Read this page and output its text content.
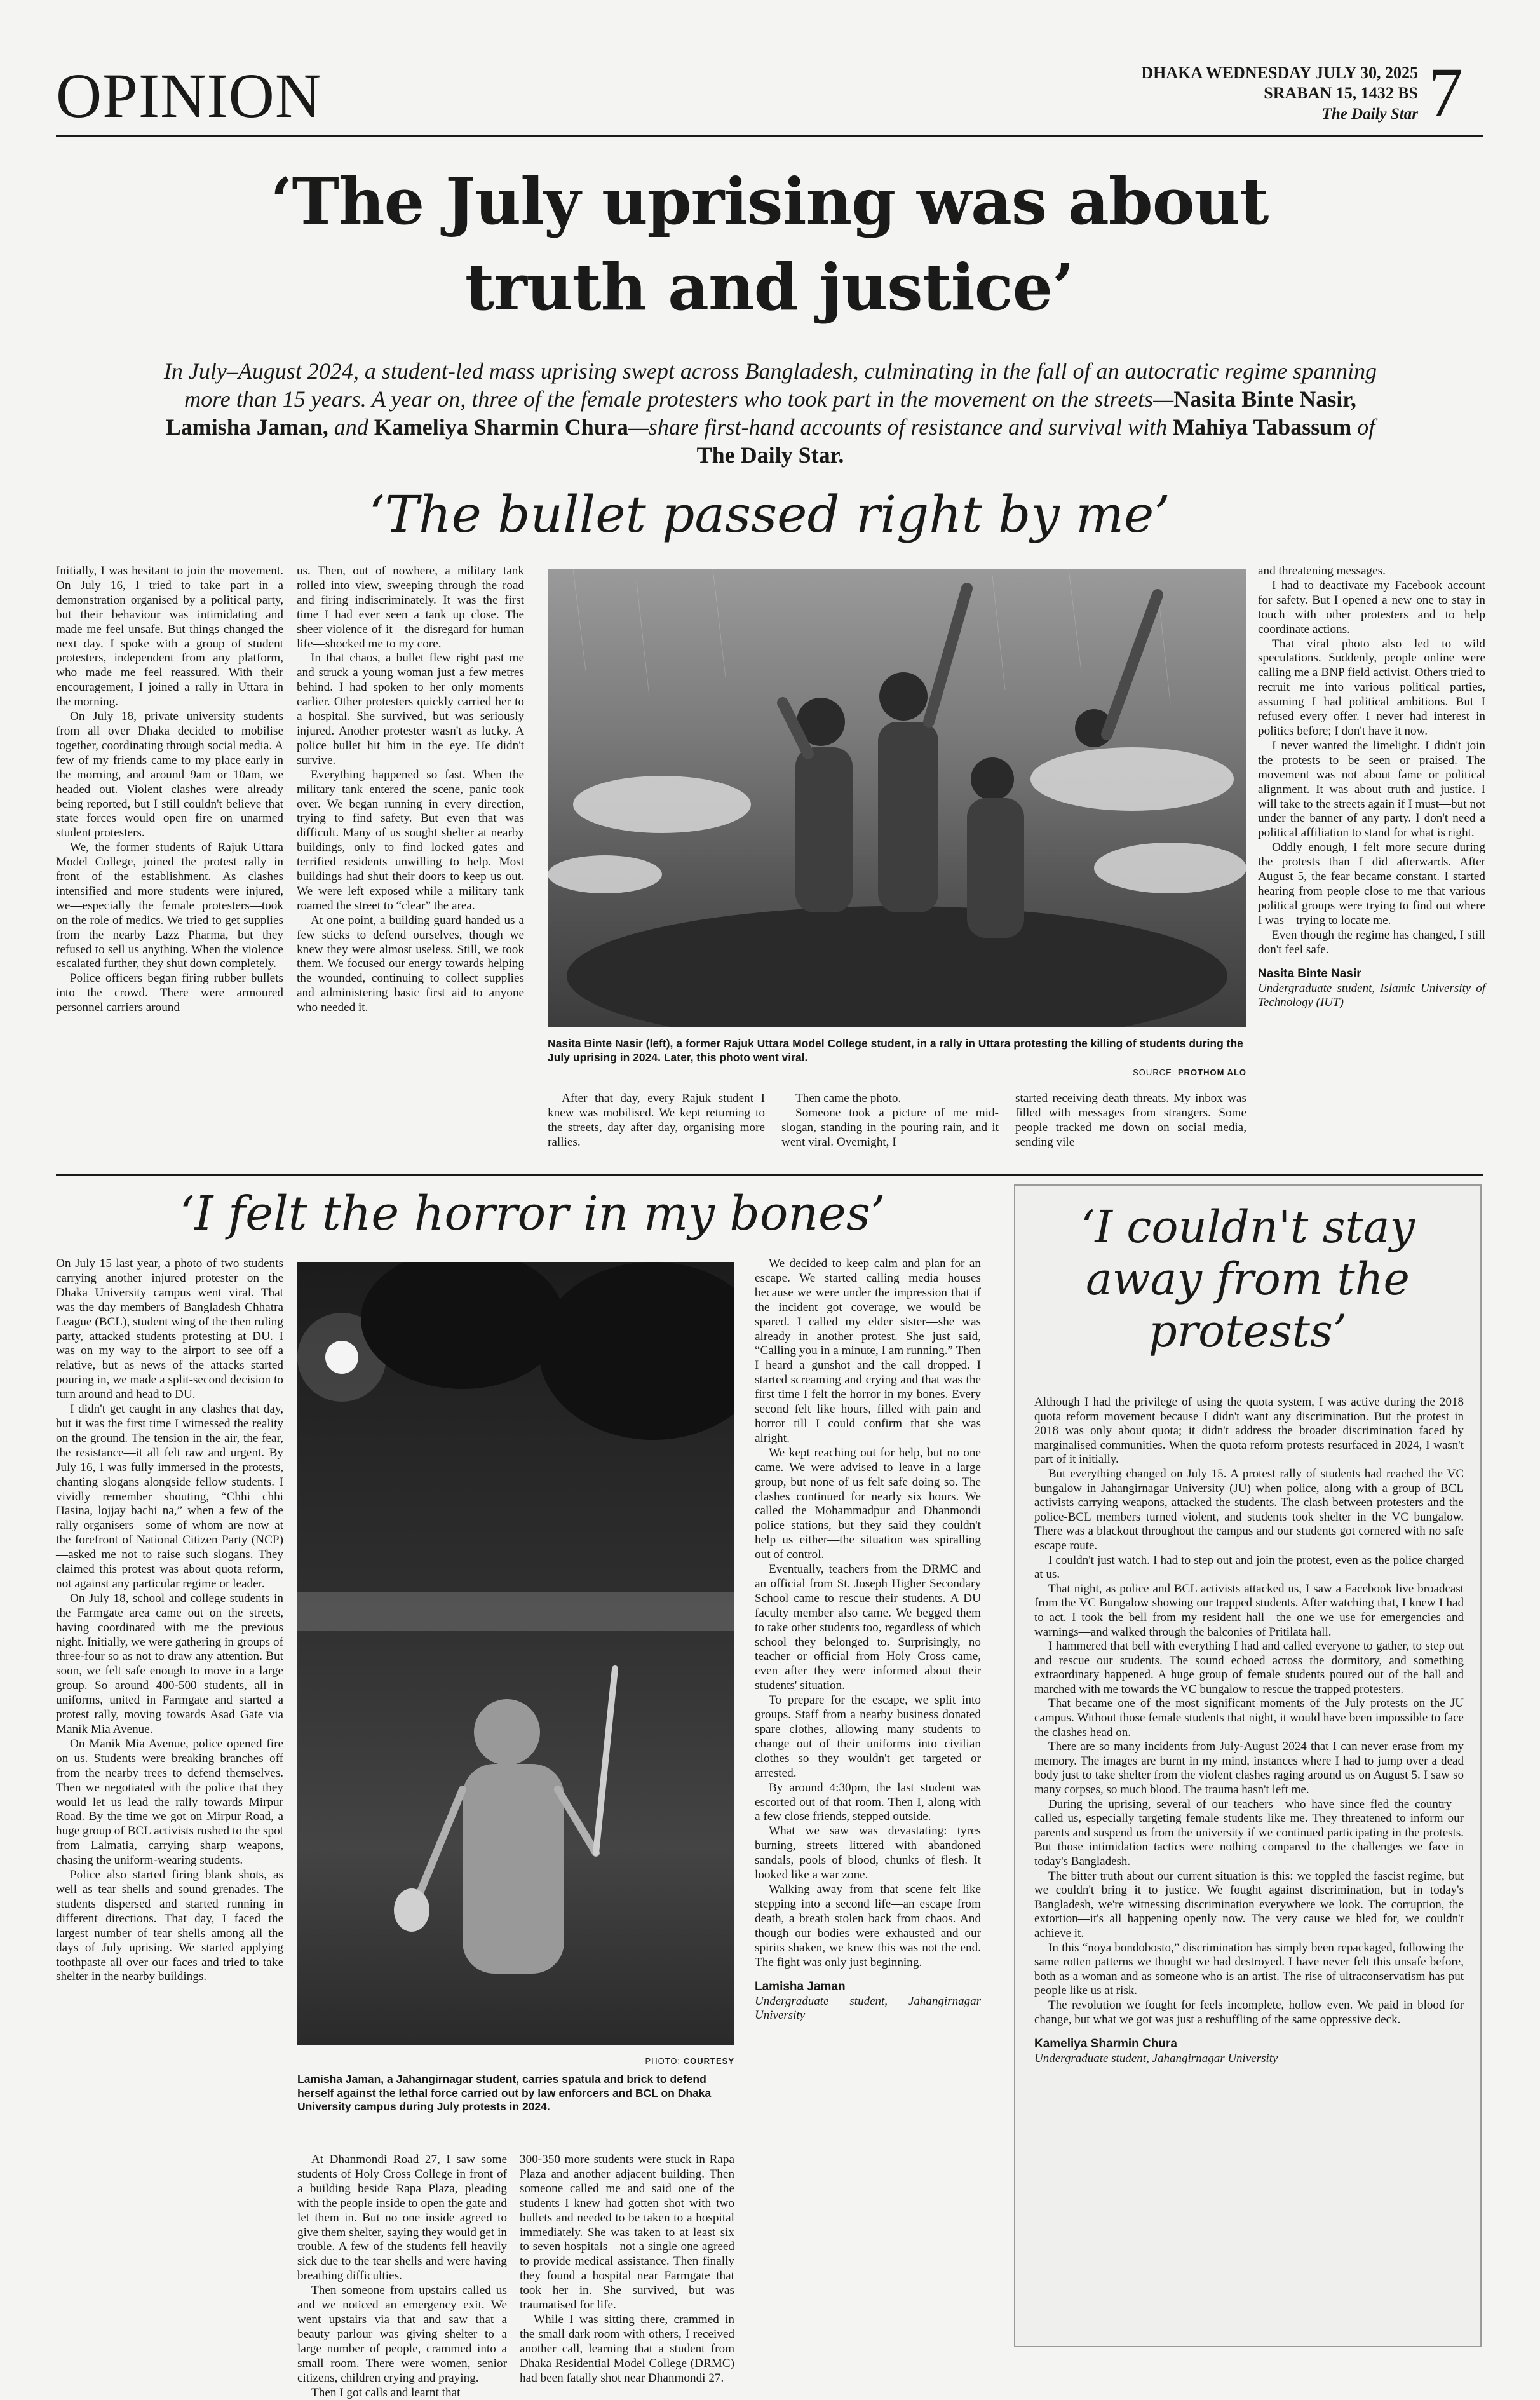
OPINION	DHAKA WEDNESDAY JULY 30, 2025
SRABAN 15, 1432 BS
The Daily Star 7
‘The July uprising was about
truth and justice’
In July–August 2024, a student-led mass uprising swept across Bangladesh, culminating in the fall of an autocratic regime spanning more than 15 years. A year on, three of the female protesters who took part in the movement on the streets—Nasita Binte Nasir, Lamisha Jaman, and Kameliya Sharmin Chura—share first-hand accounts of resistance and survival with Mahiya Tabassum of The Daily Star.
‘The bullet passed right by me’

Initially, I was hesitant to join the movement. On July 16, I tried to take part in a demonstration organised by a political party, but their behaviour was intimidating and made me feel unsafe. But things changed the next day. I spoke with a group of student protesters, independent from any platform, who made me feel reassured. With their encouragement, I joined a rally in Uttara in the morning.

On July 18, private university students from all over Dhaka decided to mobilise together, coordinating through social media. A few of my friends came to my place early in the morning, and around 9am or 10am, we headed out. Violent clashes were already being reported, but I still couldn't believe that state forces would open fire on unarmed student protesters.

We, the former students of Rajuk Uttara Model College, joined the protest rally in front of the establishment. As clashes intensified and more students were injured, we—especially the female protesters—took on the role of medics. We tried to get supplies from the nearby Lazz Pharma, but they refused to sell us anything. When the violence escalated further, they shut down completely.

Police officers began firing rubber bullets into the crowd. There were armoured personnel carriers around

us. Then, out of nowhere, a military tank rolled into view, sweeping through the road and firing indiscriminately. It was the first time I had ever seen a tank up close. The sheer violence of it—the disregard for human life—shocked me to my core.

In that chaos, a bullet flew right past me and struck a young woman just a few metres behind. I had spoken to her only moments earlier. Other protesters quickly carried her to a hospital. She survived, but was seriously injured. Another protester wasn't as lucky. A police bullet hit him in the eye. He didn't survive.

Everything happened so fast. When the military tank entered the scene, panic took over. We began running in every direction, trying to find safety. But even that was difficult. Many of us sought shelter at nearby buildings, only to find locked gates and terrified residents unwilling to help. Most buildings had shut their doors to keep us out. We were left exposed while a military tank roamed the street to “clear” the area.

At one point, a building guard handed us a few sticks to defend ourselves, though we knew they were almost useless. Still, we took them. We focused our energy towards helping the wounded, continuing to collect supplies and administering basic first aid to anyone who needed it.

Nasita Binte Nasir (left), a former Rajuk Uttara Model College student, in a rally in Uttara protesting the killing of students during the July uprising in 2024. Later, this photo went viral.
SOURCE: PROTHOM ALO

After that day, every Rajuk student I knew was mobilised. We kept returning to the streets, day after day, organising more rallies.

Then came the photo.

Someone took a picture of me mid-slogan, standing in the pouring rain, and it went viral. Overnight, I

started receiving death threats. My inbox was filled with messages from strangers. Some people tracked me down on social media, sending vile

and threatening messages.

I had to deactivate my Facebook account for safety. But I opened a new one to stay in touch with other protesters and to help coordinate actions.

That viral photo also led to wild speculations. Suddenly, people online were calling me a BNP field activist. Others tried to recruit me into various political parties, assuming I had political ambitions. But I refused every offer. I never had interest in politics before; I don't have it now.

I never wanted the limelight. I didn't join the protests to be seen or praised. The movement was not about fame or political alignment. It was about truth and justice. I will take to the streets again if I must—but not under the banner of any party. I don't need a political affiliation to stand for what is right.

Oddly enough, I felt more secure during the protests than I did afterwards. After August 5, the fear became constant. I started hearing from people close to me that various political groups were trying to find out where I was—trying to locate me.

Even though the regime has changed, I still don't feel safe.

Nasita Binte Nasir
Undergraduate student, Islamic University of Technology (IUT)
‘I felt the horror in my bones’

On July 15 last year, a photo of two students carrying another injured protester on the Dhaka University campus went viral. That was the day members of Bangladesh Chhatra League (BCL), student wing of the then ruling party, attacked students protesting at DU. I was on my way to the airport to see off a relative, but as news of the attacks started pouring in, we made a split-second decision to turn around and head to DU.

I didn't get caught in any clashes that day, but it was the first time I witnessed the reality on the ground. The tension in the air, the fear, the resistance—it all felt raw and urgent. By July 16, I was fully immersed in the protests, chanting slogans alongside fellow students. I vividly remember shouting, “Chhi chhi Hasina, lojjay bachi na,” when a few of the rally organisers—some of whom are now at the forefront of National Citizen Party (NCP)—asked me not to raise such slogans. They claimed this protest was about quota reform, not against any particular regime or leader.

On July 18, school and college students in the Farmgate area came out on the streets, having coordinated with me the previous night. Initially, we were gathering in groups of three-four so as not to draw any attention. But soon, we felt safe enough to move in a large group. So around 400-500 students, all in uniforms, united in Farmgate and started a protest rally, moving towards Asad Gate via Manik Mia Avenue.

On Manik Mia Avenue, police opened fire on us. Students were breaking branches off from the nearby trees to defend themselves. Then we negotiated with the police that they would let us lead the rally towards Mirpur Road. By the time we got on Mirpur Road, a huge group of BCL activists rushed to the spot from Lalmatia, carrying sharp weapons, chasing the uniform-wearing students.

Police also started firing blank shots, as well as tear shells and sound grenades. The students dispersed and started running in different directions. That day, I faced the largest number of tear shells among all the days of July uprising. We started applying toothpaste all over our faces and tried to take shelter in the nearby buildings.

PHOTO: COURTESY
Lamisha Jaman, a Jahangirnagar student, carries spatula and brick to defend herself against the lethal force carried out by law enforcers and BCL on Dhaka University campus during July protests in 2024.

At Dhanmondi Road 27, I saw some students of Holy Cross College in front of a building beside Rapa Plaza, pleading with the people inside to open the gate and let them in. But no one inside agreed to give them shelter, saying they would get in trouble. A few of the students fell heavily sick due to the tear shells and were having breathing difficulties.

Then someone from upstairs called us and we noticed an emergency exit. We went upstairs via that and saw that a beauty parlour was giving shelter to a large number of people, crammed into a small room. There were women, senior citizens, children crying and praying.

Then I got calls and learnt that

300-350 more students were stuck in Rapa Plaza and another adjacent building. Then someone called me and said one of the students I knew had gotten shot with two bullets and needed to be taken to a hospital immediately. She was taken to at least six to seven hospitals—not a single one agreed to provide medical assistance. Then finally they found a hospital near Farmgate that took her in. She survived, but was traumatised for life.

While I was sitting there, crammed in the small dark room with others, I received another call, learning that a student from Dhaka Residential Model College (DRMC) had been fatally shot near Dhanmondi 27.

We decided to keep calm and plan for an escape. We started calling media houses because we were under the impression that if the incident got coverage, we would be spared. I called my elder sister—she was already in another protest. She just said, “Calling you in a minute, I am running.” Then I heard a gunshot and the call dropped. I started screaming and crying and that was the first time I felt the horror in my bones. Every second felt like hours, filled with pain and horror till I could confirm that she was alright.

We kept reaching out for help, but no one came. We were advised to leave in a large group, but none of us felt safe doing so. The clashes continued for nearly six hours. We called the Mohammadpur and Dhanmondi police stations, but they said they couldn't help us either—the situation was spiralling out of control.

Eventually, teachers from the DRMC and an official from St. Joseph Higher Secondary School came to rescue their students. A DU faculty member also came. We begged them to take other students too, regardless of which school they belonged to. Surprisingly, no teacher or official from Holy Cross came, even after they were informed about their students' situation.

To prepare for the escape, we split into groups. Staff from a nearby business donated spare clothes, allowing many students to change out of their uniforms into civilian clothes so they wouldn't get targeted or arrested.

By around 4:30pm, the last student was escorted out of that room. Then I, along with a few close friends, stepped outside.

What we saw was devastating: tyres burning, streets littered with abandoned sandals, pools of blood, chunks of flesh. It looked like a war zone.

Walking away from that scene felt like stepping into a second life—an escape from death, a breath stolen back from chaos. And though our bodies were exhausted and our spirits shaken, we knew this was not the end. The fight was only just beginning.

Lamisha Jaman
Undergraduate student, Jahangirnagar University
‘I couldn't stay
away from the
protests’

Although I had the privilege of using the quota system, I was active during the 2018 quota reform movement because I didn't want any discrimination. But the protest in 2018 was only about quota; it didn't address the broader discrimination faced by marginalised communities. When the quota reform protests resurfaced in 2024, I wasn't part of it initially.

But everything changed on July 15. A protest rally of students had reached the VC bungalow in Jahangirnagar University (JU) when police, along with a group of BCL activists carrying weapons, attacked the students. The clash between protesters and the police-BCL members turned violent, and students took shelter in the VC bungalow. There was a blackout throughout the campus and our students got cornered with no safe escape route.

I couldn't just watch. I had to step out and join the protest, even as the police charged at us.

That night, as police and BCL activists attacked us, I saw a Facebook live broadcast from the VC Bungalow showing our trapped students. After watching that, I knew I had to act. I took the bell from my resident hall—the one we use for emergencies and warnings—and walked through the balconies of Pritilata hall.

I hammered that bell with everything I had and called everyone to gather, to step out and rescue our students. The sound echoed across the dormitory, and something extraordinary happened. A huge group of female students poured out of the hall and marched with me towards the VC bungalow to rescue the trapped protesters.

That became one of the most significant moments of the July protests on the JU campus. Without those female students that night, it would have been impossible to face the clashes head on.

There are so many incidents from July-August 2024 that I can never erase from my memory. The images are burnt in my mind, instances where I had to jump over a dead body just to take shelter from the violent clashes raging around us on August 5. I saw so many corpses, so much blood. The trauma hasn't left me.

During the uprising, several of our teachers—who have since fled the country—called us, especially targeting female students like me. They threatened to inform our parents and suspend us from the university if we continued participating in the protests. But those intimidation tactics were nothing compared to the challenges we face in today's Bangladesh.

The bitter truth about our current situation is this: we toppled the fascist regime, but we couldn't bring it to justice. We fought against discrimination, but in today's Bangladesh, we're witnessing discrimination everywhere we look. The corruption, the extortion—it's all happening openly now. The very cause we bled for, we couldn't achieve it.

In this “noya bondobosto,” discrimination has simply been repackaged, following the same rotten patterns we thought we had destroyed. I have never felt this unsafe before, both as a woman and as someone who is an artist. The rise of ultraconservatism has put people like us at risk.

The revolution we fought for feels incomplete, hollow even. We paid in blood for change, but what we got was just a reshuffling of the same oppressive deck.

Kameliya Sharmin Chura
Undergraduate student, Jahangirnagar University
